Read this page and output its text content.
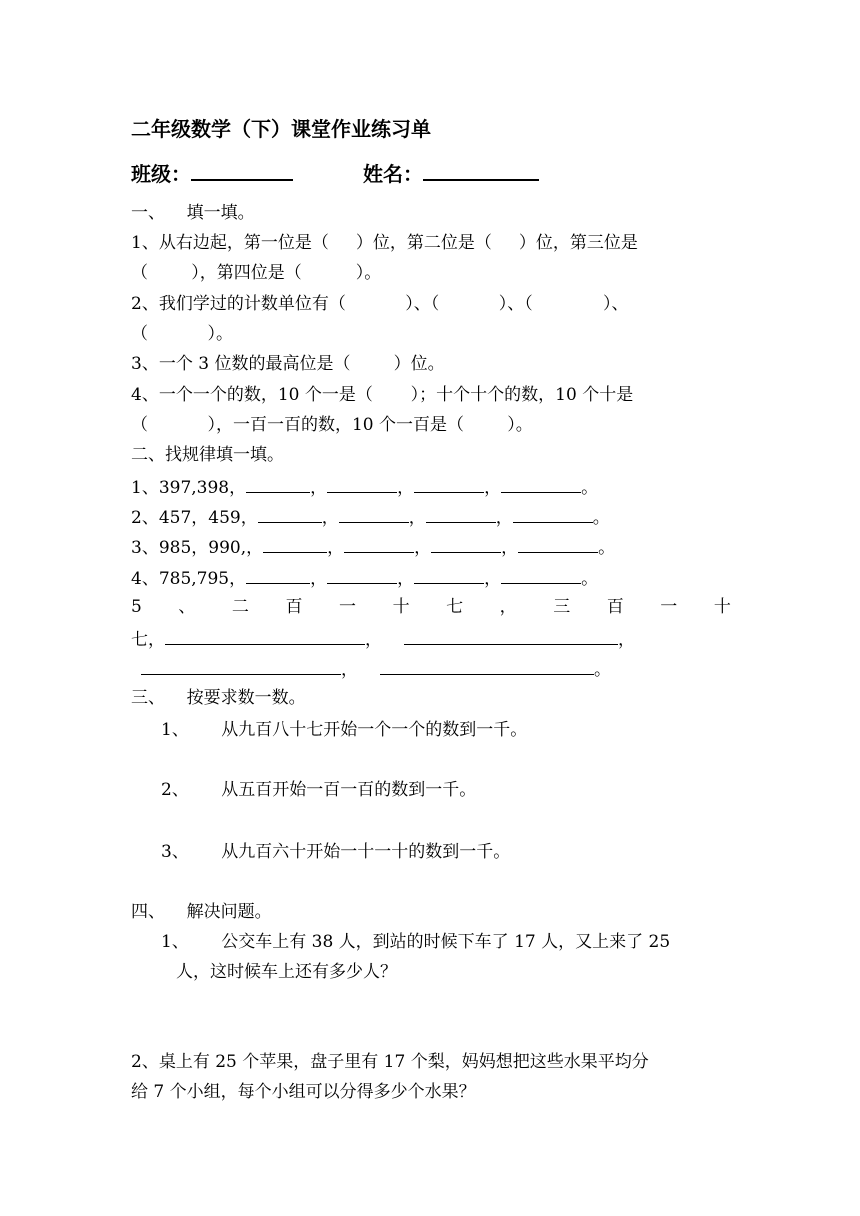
二年级数学（下）课堂作业练习单
班级：	姓名：
一、    填一填。
1、从右边起，第一位是（     ）位，第二位是（     ）位，第三位是
（        ），第四位是（          ）。
2、我们学过的计数单位有（           ）、（           ）、（             ）、
（           ）。
3、一个 3 位数的最高位是（        ）位。
4、一个一个的数，10 个一是（       ）；十个十个的数，10 个十是
（           ），一百一百的数，10 个一百是（        ）。
二、找规律填一填。
1、397,398，	，	，	，	。
2、457，459，	，	，	，	。
3、985，990,，	，	，	，	。
4、785,795，	，	，	，	。
5 、 二 百 一 十 七 ， 三 百 一 十
七，	，	，
，	。
三、    按要求数一数。
1、      从九百八十七开始一个一个的数到一千。
2、      从五百开始一百一百的数到一千。
3、      从九百六十开始一十一十的数到一千。
四、    解决问题。
1、      公交车上有 38 人，到站的时候下车了 17 人，又上来了 25
人，这时候车上还有多少人？
2、桌上有 25 个苹果，盘子里有 17 个梨，妈妈想把这些水果平均分
给 7 个小组，每个小组可以分得多少个水果？
